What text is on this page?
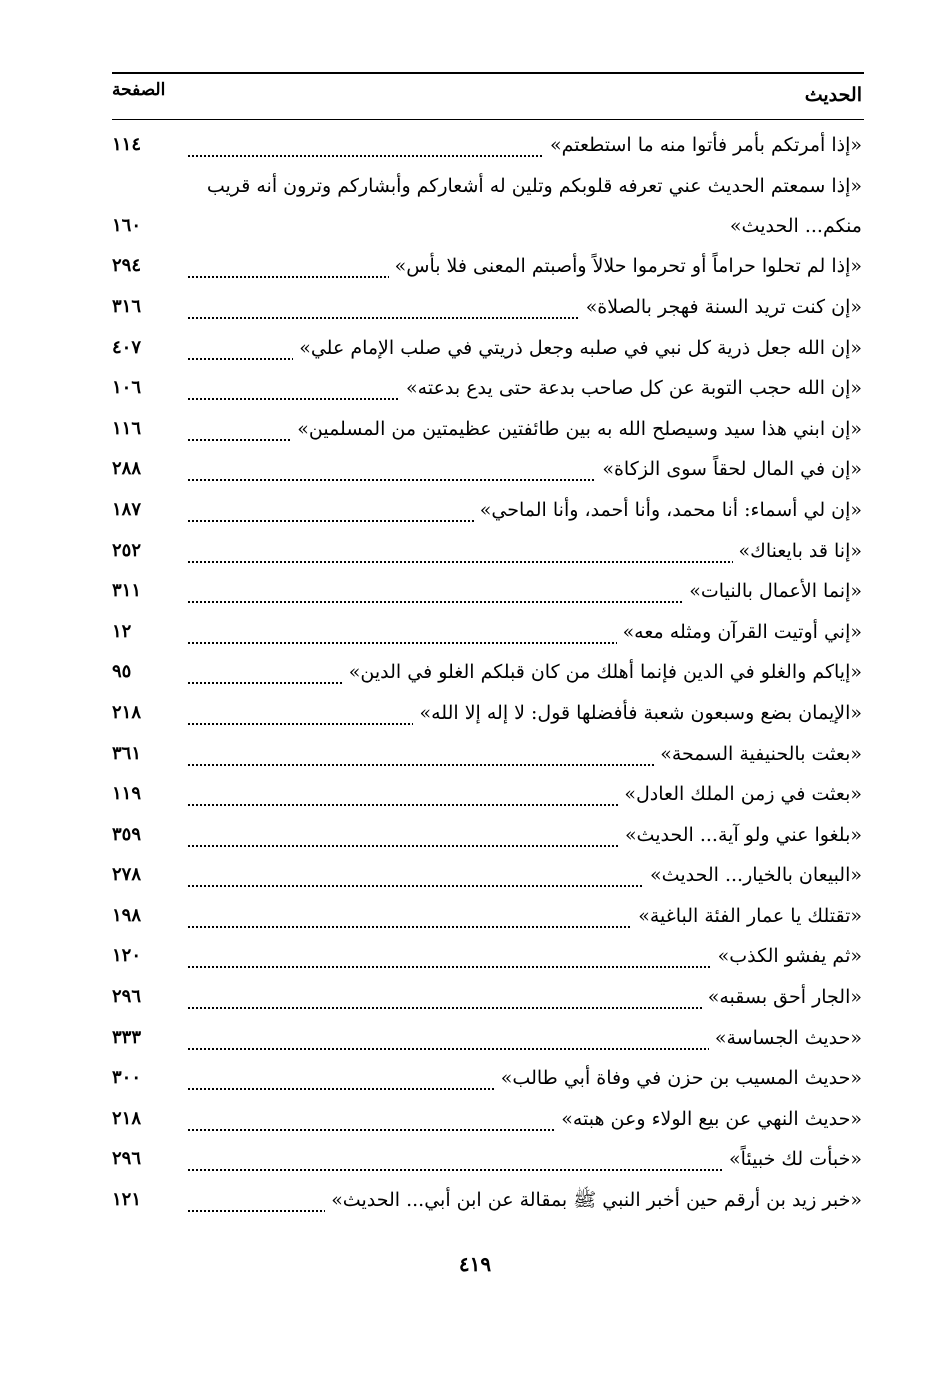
الحديث
الصفحة
«إذا أمرتكم بأمر فأتوا منه ما استطعتم»
١١٤
«إذا سمعتم الحديث عني تعرفه قلوبكم وتلين له أشعاركم وأبشاركم وترون أنه قريب منكم... الحديث»
١٦٠
«إذا لم تحلوا حراماً أو تحرموا حلالاً وأصبتم المعنى فلا بأس»
٢٩٤
«إن كنت تريد السنة فهجر بالصلاة»
٣١٦
«إن الله جعل ذرية كل نبي في صلبه وجعل ذريتي في صلب الإمام علي»
٤٠٧
«إن الله حجب التوبة عن كل صاحب بدعة حتى يدع بدعته»
١٠٦
«إن ابني هذا سيد وسيصلح الله به بين طائفتين عظيمتين من المسلمين»
١١٦
«إن في المال لحقاً سوى الزكاة»
٢٨٨
«إن لي أسماء: أنا محمد، وأنا أحمد، وأنا الماحي»
١٨٧
«إنا قد بايعناك»
٢٥٢
«إنما الأعمال بالنيات»
٣١١
«إني أوتيت القرآن ومثله معه»
١٢
«إياكم والغلو في الدين فإنما أهلك من كان قبلكم الغلو في الدين»
٩٥
«الإيمان بضع وسبعون شعبة فأفضلها قول: لا إله إلا الله»
٢١٨
«بعثت بالحنيفية السمحة»
٣٦١
«بعثت في زمن الملك العادل»
١١٩
«بلغوا عني ولو آية... الحديث»
٣٥٩
«البيعان بالخيار... الحديث»
٢٧٨
«تقتلك يا عمار الفئة الباغية»
١٩٨
«ثم يفشو الكذب»
١٢٠
«الجار أحق بسقبه»
٢٩٦
«حديث الجساسة»
٣٣٣
«حديث المسيب بن حزن في وفاة أبي طالب»
٣٠٠
«حديث النهي عن بيع الولاء وعن هبته»
٢١٨
«خبأت لك خبيئاً»
٢٩٦
«خبر زيد بن أرقم حين أخبر النبي ﷺ بمقالة عن ابن أبي... الحديث»
١٢١
٤١٩
